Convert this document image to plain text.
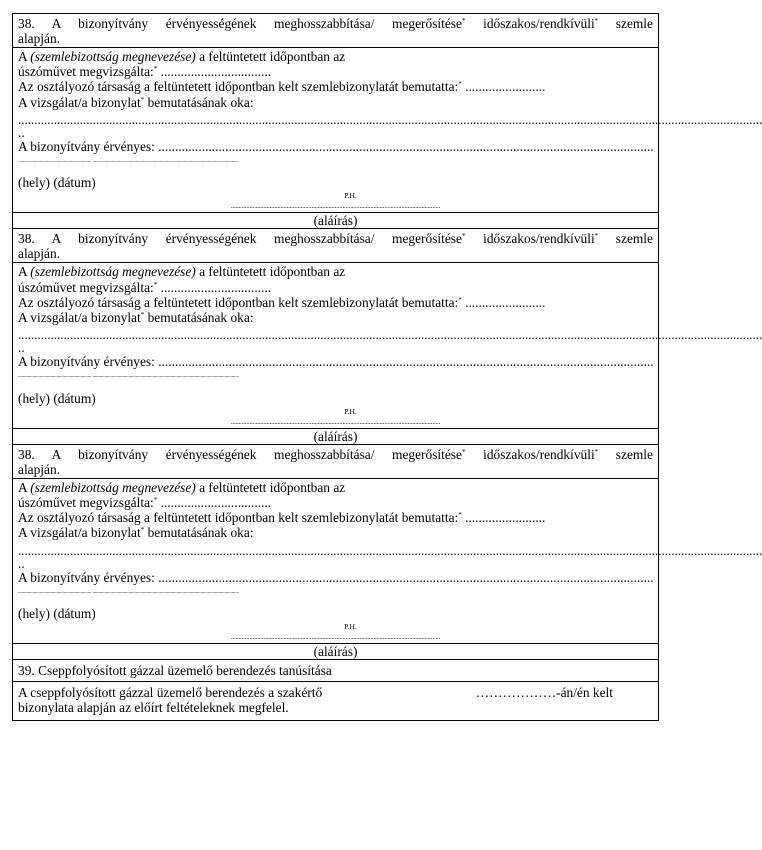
38. A bizonyítvány érvényességének meghosszabbítása/ megerősítése* időszakos/rendkívüli* szemle
alapján.
A (szemlebizottság megnevezése) a feltüntetett időpontban az
úszóművet megvizsgálta:* .................................
Az osztályozó társaság a feltüntetett időpontban kelt szemlebizonylatát bemutatta:* ........................
A vizsgálat/a bizonylat* bemutatásának oka:
.....................................................................................................................................................................................................................................
..
A bizonyítvány érvényes: ....................................................................................................................................................
............................................................. ..........................................................................................................................
(hely) (dátum)
P.H.
.......................................................................................................................................
(aláírás)
38. A bizonyítvány érvényességének meghosszabbítása/ megerősítése* időszakos/rendkívüli* szemle
alapján.
A (szemlebizottság megnevezése) a feltüntetett időpontban az
úszóművet megvizsgálta:* .................................
Az osztályozó társaság a feltüntetett időpontban kelt szemlebizonylatát bemutatta:* ........................
A vizsgálat/a bizonylat* bemutatásának oka:
.....................................................................................................................................................................................................................................
..
A bizonyítvány érvényes: ....................................................................................................................................................
............................................................. ..........................................................................................................................
(hely) (dátum)
P.H.
.......................................................................................................................................
(aláírás)
38. A bizonyítvány érvényességének meghosszabbítása/ megerősítése* időszakos/rendkívüli* szemle
alapján.
A (szemlebizottság megnevezése) a feltüntetett időpontban az
úszóművet megvizsgálta:* .................................
Az osztályozó társaság a feltüntetett időpontban kelt szemlebizonylatát bemutatta:* ........................
A vizsgálat/a bizonylat* bemutatásának oka:
.....................................................................................................................................................................................................................................
..
A bizonyítvány érvényes: ....................................................................................................................................................
............................................................. ..........................................................................................................................
(hely) (dátum)
P.H.
.......................................................................................................................................
(aláírás)
39. Cseppfolyósított gázzal üzemelő berendezés tanúsítása
A cseppfolyósított gázzal üzemelő berendezés a szakértő	………………-án/én kelt
bizonylata alapján az előírt feltételeknek megfelel.
